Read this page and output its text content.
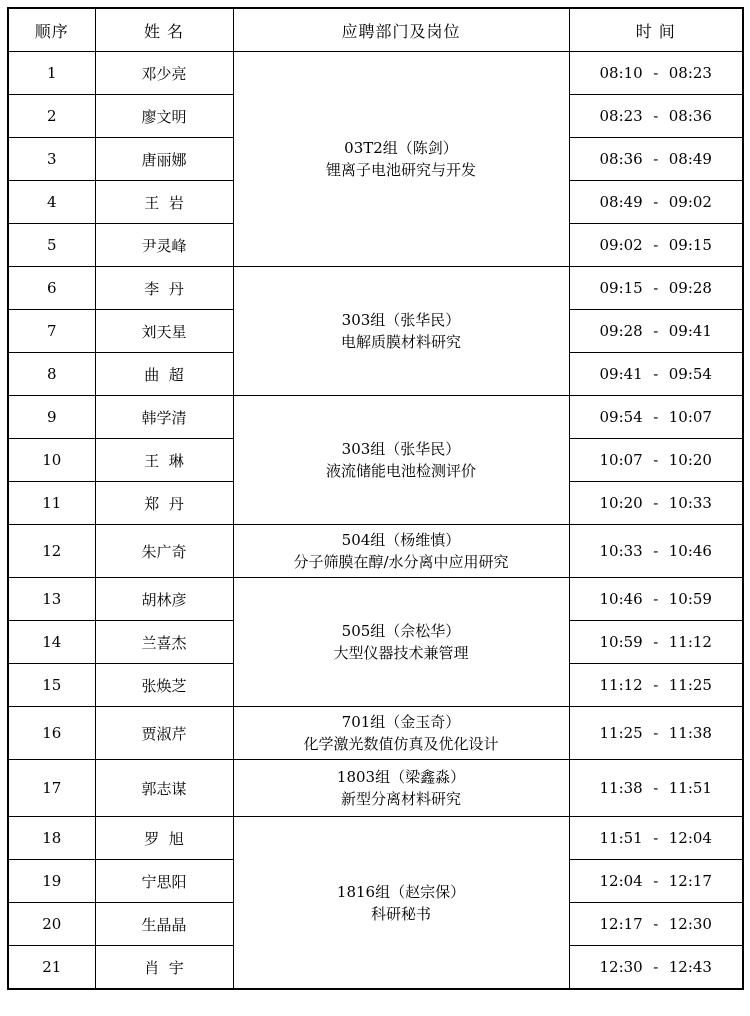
顺序	姓 名	应聘部门及岗位	时 间
1	邓少亮	03T2组（陈剑）
锂离子电池研究与开发	08:10 - 08:23

2	廖文明		08:23 - 08:36

3	唐丽娜		08:36 - 08:49

4	王  岩		08:49 - 09:02

5	尹灵峰		09:02 - 09:15

6	李  丹	303组（张华民）
电解质膜材料研究	09:15 - 09:28

7	刘天星		09:28 - 09:41

8	曲  超		09:41 - 09:54

9	韩学清	303组（张华民）
液流储能电池检测评价	09:54 - 10:07

10	王  琳		10:07 - 10:20

11	郑  丹		10:20 - 10:33

12	朱广奇	504组（杨维慎）
分子筛膜在醇/水分离中应用研究	10:33 - 10:46

13	胡林彦	505组（佘松华）
大型仪器技术兼管理	10:46 - 10:59

14	兰喜杰		10:59 - 11:12

15	张焕芝		11:12 - 11:25

16	贾淑芹	701组（金玉奇）
化学激光数值仿真及优化设计	11:25 - 11:38

17	郭志谋	1803组（梁鑫淼）
新型分离材料研究	11:38 - 11:51

18	罗  旭	1816组（赵宗保）
科研秘书	11:51 - 12:04

19	宁思阳		12:04 - 12:17

20	生晶晶		12:17 - 12:30

21	肖  宇		12:30 - 12:43
